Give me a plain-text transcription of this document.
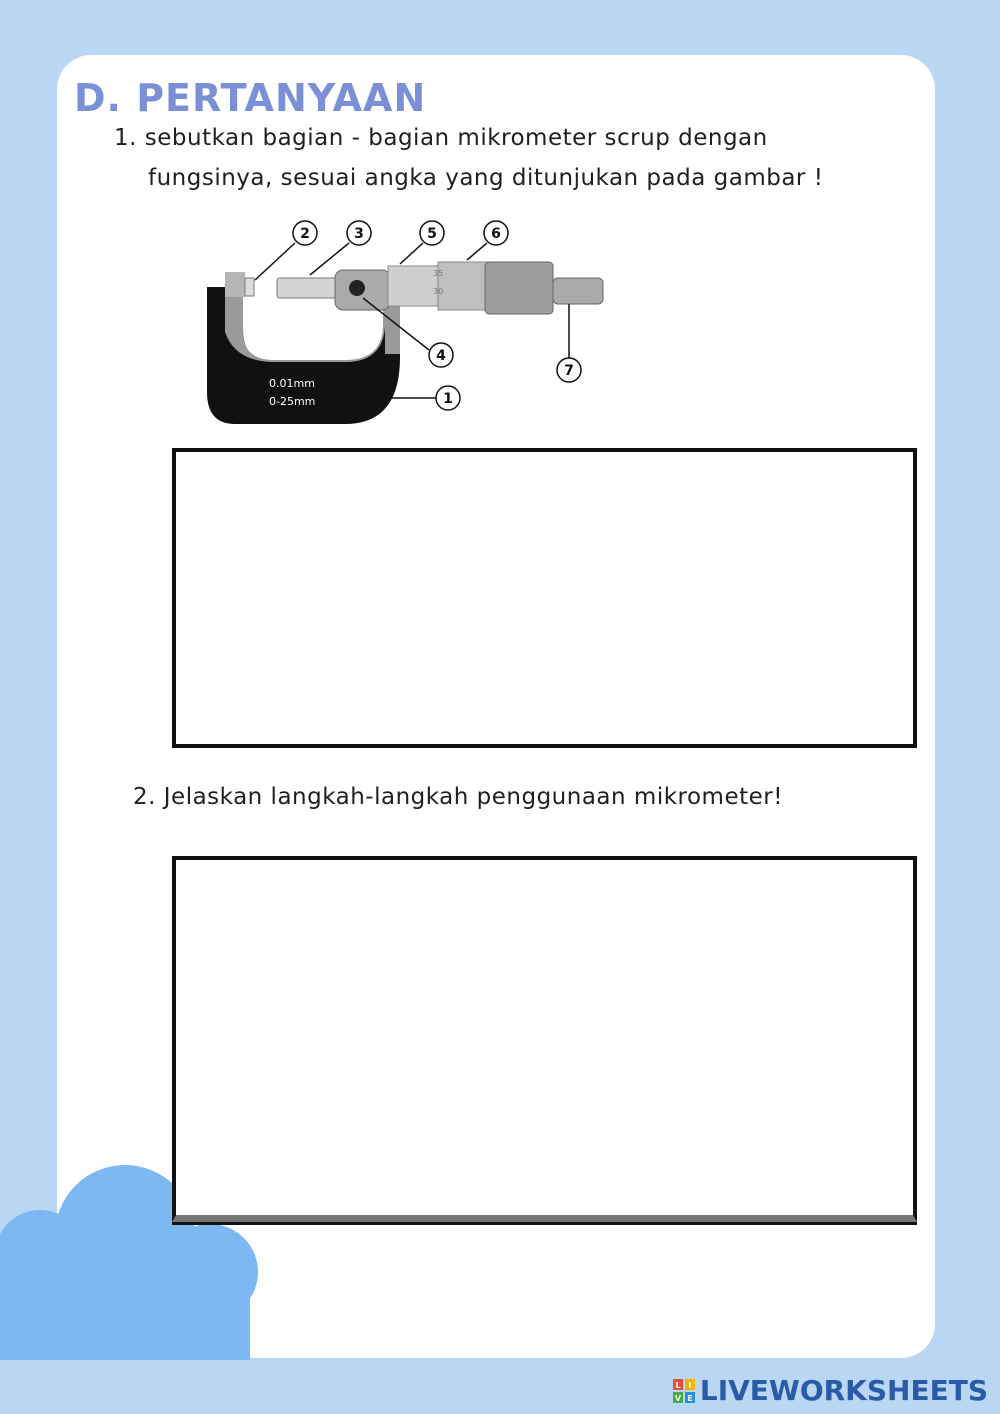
D. PERTANYAAN

1. sebutkan bagian - bagian mikrometer scrup dengan

fungsinya, sesuai angka yang ditunjukan pada gambar !

35
30
0.01mm
0-25mm
2	3	5	6
4
7
1

2. Jelaskan langkah-langkah penggunaan mikrometer!

L I
V E LIVEWORKSHEETS
